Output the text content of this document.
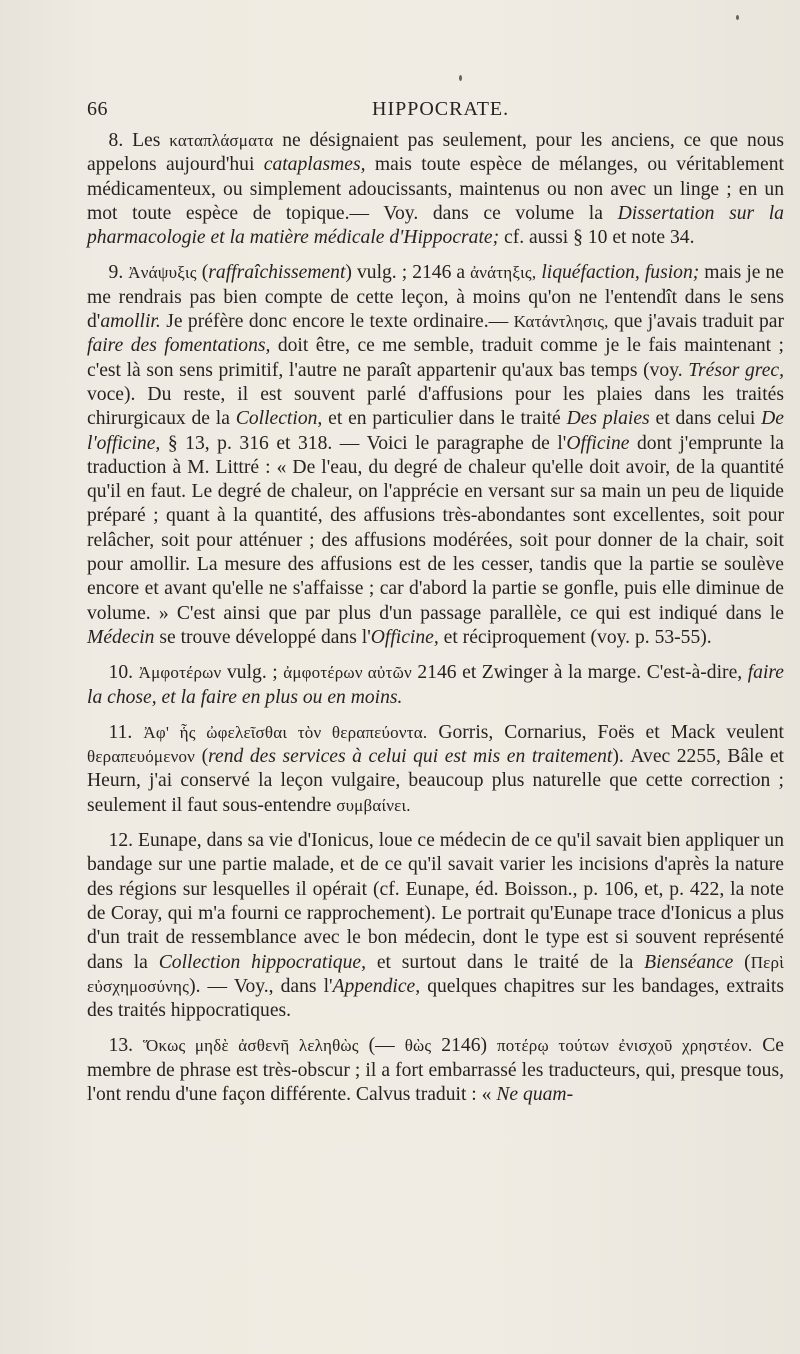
66	HIPPOCRATE.

8. Les καταπλάσματα ne désignaient pas seulement, pour les anciens, ce que nous appelons aujourd'hui cataplasmes, mais toute espèce de mélanges, ou véritablement médicamenteux, ou simplement adoucissants, maintenus ou non avec un linge ; en un mot toute espèce de topique.— Voy. dans ce volume la Dissertation sur la pharmacologie et la matière médicale d'Hippocrate; cf. aussi § 10 et note 34.

9. Ἀνάψυξις (raffraîchissement) vulg. ; 2146 a ἀνάτηξις, liquéfaction, fusion; mais je ne me rendrais pas bien compte de cette leçon, à moins qu'on ne l'entendît dans le sens d'amollir. Je préfère donc encore le texte ordinaire.— Κατάντλησις, que j'avais traduit par faire des fomentations, doit être, ce me semble, traduit comme je le fais maintenant ; c'est là son sens primitif, l'autre ne paraît appartenir qu'aux bas temps (voy. Trésor grec, voce). Du reste, il est souvent parlé d'affusions pour les plaies dans les traités chirurgicaux de la Collection, et en particulier dans le traité Des plaies et dans celui De l'officine, § 13, p. 316 et 318. — Voici le paragraphe de l'Officine dont j'emprunte la traduction à M. Littré : « De l'eau, du degré de chaleur qu'elle doit avoir, de la quantité qu'il en faut. Le degré de chaleur, on l'apprécie en versant sur sa main un peu de liquide préparé ; quant à la quantité, des affusions très-abondantes sont excellentes, soit pour relâcher, soit pour atténuer ; des affusions modérées, soit pour donner de la chair, soit pour amollir. La mesure des affusions est de les cesser, tandis que la partie se soulève encore et avant qu'elle ne s'affaisse ; car d'abord la partie se gonfle, puis elle diminue de volume. » C'est ainsi que par plus d'un passage parallèle, ce qui est indiqué dans le Médecin se trouve développé dans l'Officine, et réciproquement (voy. p. 53-55).

10. Ἀμφοτέρων vulg. ; ἀμφοτέρων αὐτῶν 2146 et Zwinger à la marge. C'est-à-dire, faire la chose, et la faire en plus ou en moins.

11. Ἀφ' ἧς ὠφελεῖσθαι τὸν θεραπεύοντα. Gorris, Cornarius, Foës et Mack veulent θεραπευόμενον (rend des services à celui qui est mis en traitement). Avec 2255, Bâle et Heurn, j'ai conservé la leçon vulgaire, beaucoup plus naturelle que cette correction ; seulement il faut sous-entendre συμβαίνει.

12. Eunape, dans sa vie d'Ionicus, loue ce médecin de ce qu'il savait bien appliquer un bandage sur une partie malade, et de ce qu'il savait varier les incisions d'après la nature des régions sur lesquelles il opérait (cf. Eunape, éd. Boisson., p. 106, et, p. 422, la note de Coray, qui m'a fourni ce rapprochement). Le portrait qu'Eunape trace d'Ionicus a plus d'un trait de ressemblance avec le bon médecin, dont le type est si souvent représenté dans la Collection hippocratique, et surtout dans le traité de la Bienséance (Περὶ εὐσχημοσύνης). — Voy., dans l'Appendice, quelques chapitres sur les bandages, extraits des traités hippocratiques.

13. Ὅκως μηδὲ ἀσθενῆ λεληθὼς (— θὼς 2146) ποτέρῳ τούτων ἐνισχοῦ χρηστέον. Ce membre de phrase est très-obscur ; il a fort embarrassé les traducteurs, qui, presque tous, l'ont rendu d'une façon différente. Calvus traduit : « Ne quam-
